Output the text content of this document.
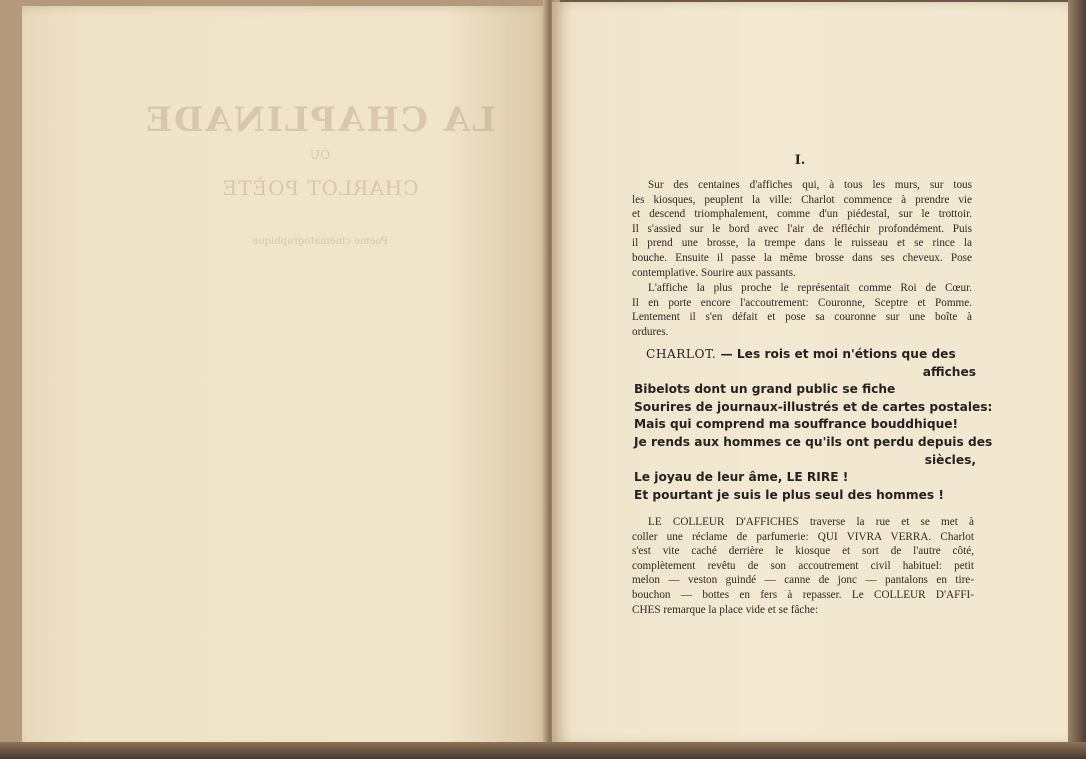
LA CHAPLINADE
OU
CHARLOT POÈTE
Poème cinématographique
I.
Sur des centaines d'affiches qui, à tous les murs, sur tous
les kiosques, peuplent la ville: Charlot commence à prendre vie
et descend triomphalement, comme d'un piédestal, sur le trottoir.
Il s'assied sur le bord avec l'air de réfléchir profondément. Puis
il prend une brosse, la trempe dans le ruisseau et se rince la
bouche. Ensuite il passe la même brosse dans ses cheveux. Pose
contemplative. Sourire aux passants.
L'affiche la plus proche le représentait comme Roi de Cœur.
Il en porte encore l'accoutrement: Couronne, Sceptre et Pomme.
Lentement il s'en défait et pose sa couronne sur une boîte à
ordures.
CHARLOT. — Les rois et moi n'étions que des
affiches
Bibelots dont un grand public se fiche
Sourires de journaux-illustrés et de cartes postales:
Mais qui comprend ma souffrance bouddhique!
Je rends aux hommes ce qu'ils ont perdu depuis des
siècles,
Le joyau de leur âme, LE RIRE !
Et pourtant je suis le plus seul des hommes !
LE COLLEUR D'AFFICHES traverse la rue et se met à
coller une réclame de parfumerie: QUI VIVRA VERRA. Charlot
s'est vite caché derrière le kiosque et sort de l'autre côté,
complètement revêtu de son accoutrement civil habituel: petit
melon — veston guindé — canne de jonc — pantalons en tire-
bouchon — bottes en fers à repasser. Le COLLEUR D'AFFI-
CHES remarque la place vide et se fâche:
